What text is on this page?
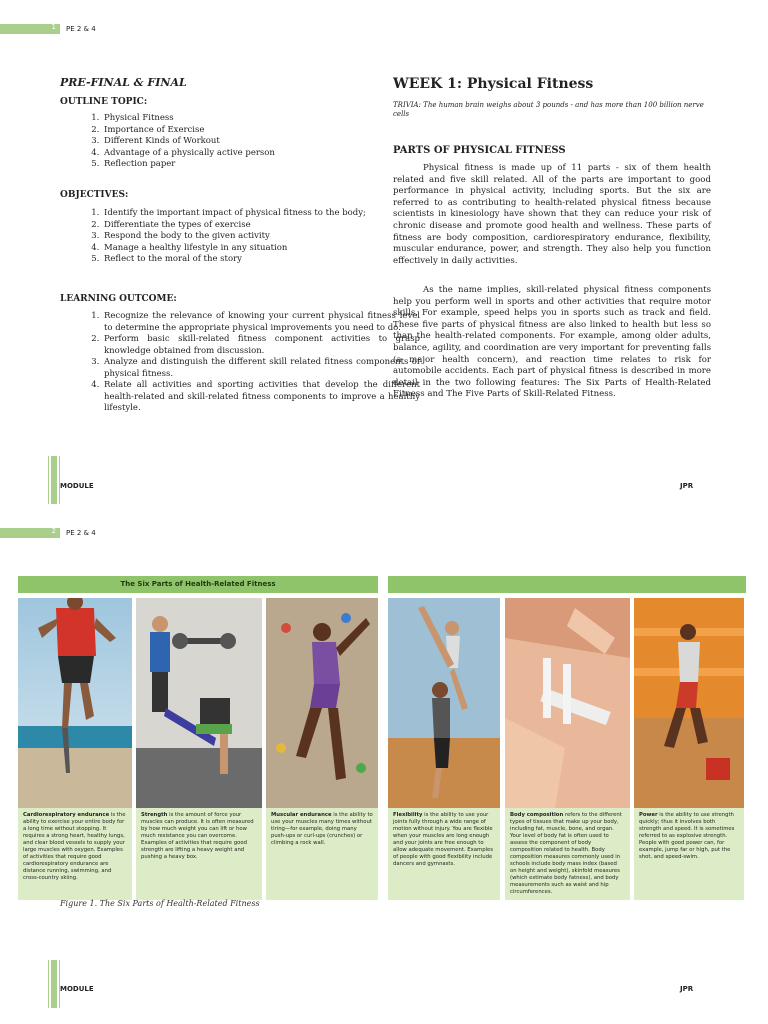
1 PE 2 & 4
PRE-FINAL & FINAL
OUTLINE TOPIC:
1. Physical Fitness
2. Importance of Exercise
3. Different Kinds of Workout
4. Advantage of a physically active person
5. Reflection paper
OBJECTIVES:
1. Identify the important impact of physical fitness to the body;
2. Differentiate the types of exercise
3. Respond the body to the given activity
4. Manage a healthy lifestyle in any situation
5. Reflect to the moral of the story
LEARNING OUTCOME:
1. Recognize the relevance of knowing your current physical fitness level to determine the appropriate physical improvements you need to do.
2. Perform basic skill-related fitness component activities to grasp knowledge obtained from discussion.
3. Analyze and distinguish the different skill related fitness components of physical fitness.
4. Relate all activities and sporting activities that develop the different health-related and skill-related fitness components to improve a healthy lifestyle.
WEEK 1: Physical Fitness
TRIVIA: The human brain weighs about 3 pounds - and has more than 100 billion nerve cells
PARTS OF PHYSICAL FITNESS

Physical fitness is made up of 11 parts - six of them health related and five skill related. All of the parts are important to good performance in physical activity, including sports. But the six are referred to as contributing to health-related physical fitness because scientists in kinesiology have shown that they can reduce your risk of chronic disease and promote good health and wellness. These parts of fitness are body composition, cardiorespiratory endurance, flexibility, muscular endurance, power, and strength. They also help you function effectively in daily activities.

As the name implies, skill-related physical fitness components help you perform well in sports and other activities that require motor skills. For example, speed helps you in sports such as track and field. These five parts of physical fitness are also linked to health but less so than the health-related components. For example, among older adults, balance, agility, and coordination are very important for preventing falls (a major health concern), and reaction time relates to risk for automobile accidents. Each part of physical fitness is described in more detail in the two following features: The Six Parts of Health-Related Fitness and The Five Parts of Skill-Related Fitness.

MODULE	JPR
2 PE 2 & 4
The Six Parts of Health-Related Fitness
Cardiorespiratory endurance is the ability to exercise your entire body for a long time without stopping. It requires a strong heart, healthy lungs, and clear blood vessels to supply your large muscles with oxygen. Examples of activities that require good cardiorespiratory endurance are distance running, swimming, and cross-country skiing.
Strength is the amount of force your muscles can produce. It is often measured by how much weight you can lift or how much resistance you can overcome. Examples of activities that require good strength are lifting a heavy weight and pushing a heavy box.
Muscular endurance is the ability to use your muscles many times without tiring—for example, doing many push-ups or curl-ups (crunches) or climbing a rock wall.
Flexibility is the ability to use your joints fully through a wide range of motion without injury. You are flexible when your muscles are long enough and your joints are free enough to allow adequate movement. Examples of people with good flexibility include dancers and gymnasts.
Body composition refers to the different types of tissues that make up your body, including fat, muscle, bone, and organ. Your level of body fat is often used to assess the component of body composition related to health. Body composition measures commonly used in schools include body mass index (based on height and weight), skinfold measures (which estimate body fatness), and body measurements such as waist and hip circumferences.
Power is the ability to use strength quickly; thus it involves both strength and speed. It is sometimes referred to as explosive strength. People with good power can, for example, jump far or high, put the shot, and speed-swim.
Figure 1. The Six Parts of Health-Related Fitness
MODULE	JPR
